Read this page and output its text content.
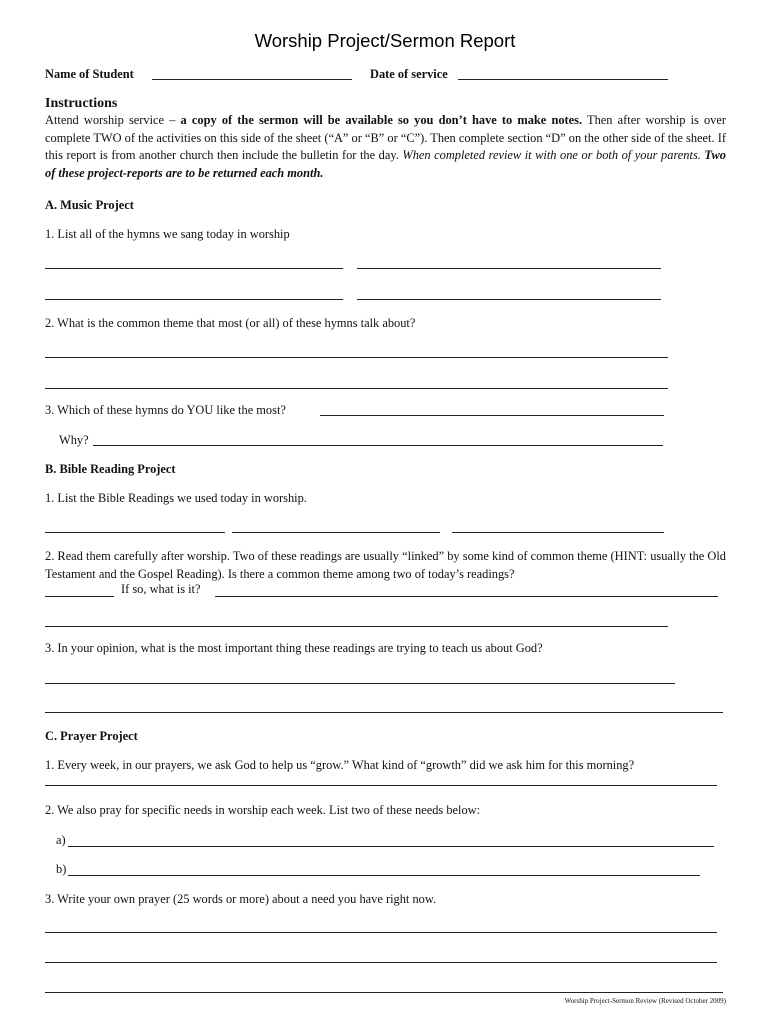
Worship Project/Sermon Report
Name of Student	Date of service
Instructions
Attend worship service – a copy of the sermon will be available so you don’t have to make notes. Then after worship is over complete TWO of the activities on this side of the sheet (“A” or “B” or “C”). Then complete section “D” on the other side of the sheet. If this report is from another church then include the bulletin for the day. When completed review it with one or both of your parents. Two of these project-reports are to be returned each month.
A. Music Project
1. List all of the hymns we sang today in worship
2. What is the common theme that most (or all) of these hymns talk about?
3. Which of these hymns do YOU like the most?
Why?
B. Bible Reading Project
1. List the Bible Readings we used today in worship.
2. Read them carefully after worship. Two of these readings are usually “linked” by some kind of common theme (HINT: usually the Old Testament and the Gospel Reading). Is there a common theme among two of today’s readings?
If so, what is it?
3. In your opinion, what is the most important thing these readings are trying to teach us about God?
C. Prayer Project
1. Every week, in our prayers, we ask God to help us “grow.” What kind of “growth” did we ask him for this morning?
2. We also pray for specific needs in worship each week. List two of these needs below:
a)
b)
3. Write your own prayer (25 words or more) about a need you have right now.
Worship Project-Sermon Review (Revised October 2009)
